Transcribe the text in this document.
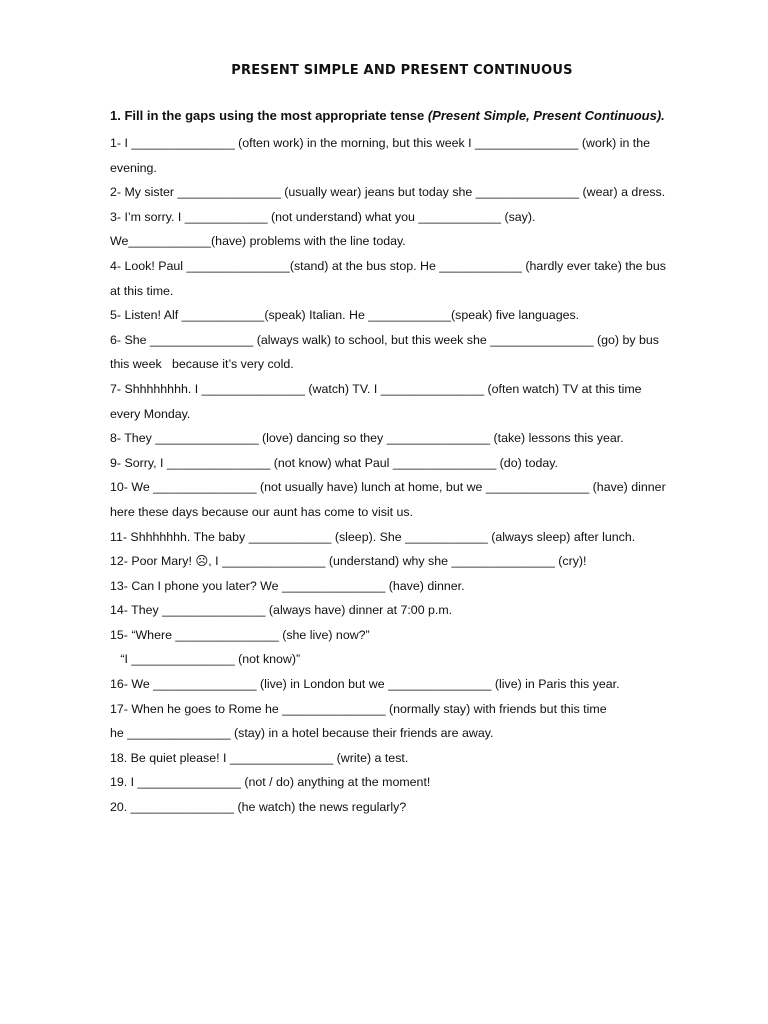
PRESENT SIMPLE AND PRESENT CONTINUOUS
1. Fill in the gaps using the most appropriate tense (Present Simple, Present Continuous).
1- I _______________ (often work) in the morning, but this week I _______________ (work) in the
evening.
2- My sister _______________ (usually wear) jeans but today she _______________ (wear) a dress.
3- I’m sorry. I ____________ (not understand) what you ____________ (say).
We____________(have) problems with the line today.
4- Look! Paul _______________(stand) at the bus stop. He ____________ (hardly ever take) the bus
at this time.
5- Listen! Alf ____________(speak) Italian. He ____________(speak) five languages.
6- She _______________ (always walk) to school, but this week she _______________ (go) by bus
this week   because it’s very cold.
7- Shhhhhhhh. I _______________ (watch) TV. I _______________ (often watch) TV at this time
every Monday.
8- They _______________ (love) dancing so they _______________ (take) lessons this year.
9- Sorry, I _______________ (not know) what Paul _______________ (do) today.
10- We _______________ (not usually have) lunch at home, but we _______________ (have) dinner
here these days because our aunt has come to visit us.
11- Shhhhhhh. The baby ____________ (sleep). She ____________ (always sleep) after lunch.
12- Poor Mary! ☹, I _______________ (understand) why she _______________ (cry)!
13- Can I phone you later? We _______________ (have) dinner.
14- They _______________ (always have) dinner at 7:00 p.m.
15- “Where _______________ (she live) now?”
“I _______________ (not know)”
16- We _______________ (live) in London but we _______________ (live) in Paris this year.
17- When he goes to Rome he _______________ (normally stay) with friends but this time
he _______________ (stay) in a hotel because their friends are away.
18. Be quiet please! I _______________ (write) a test.
19. I _______________ (not / do) anything at the moment!
20. _______________ (he watch) the news regularly?
